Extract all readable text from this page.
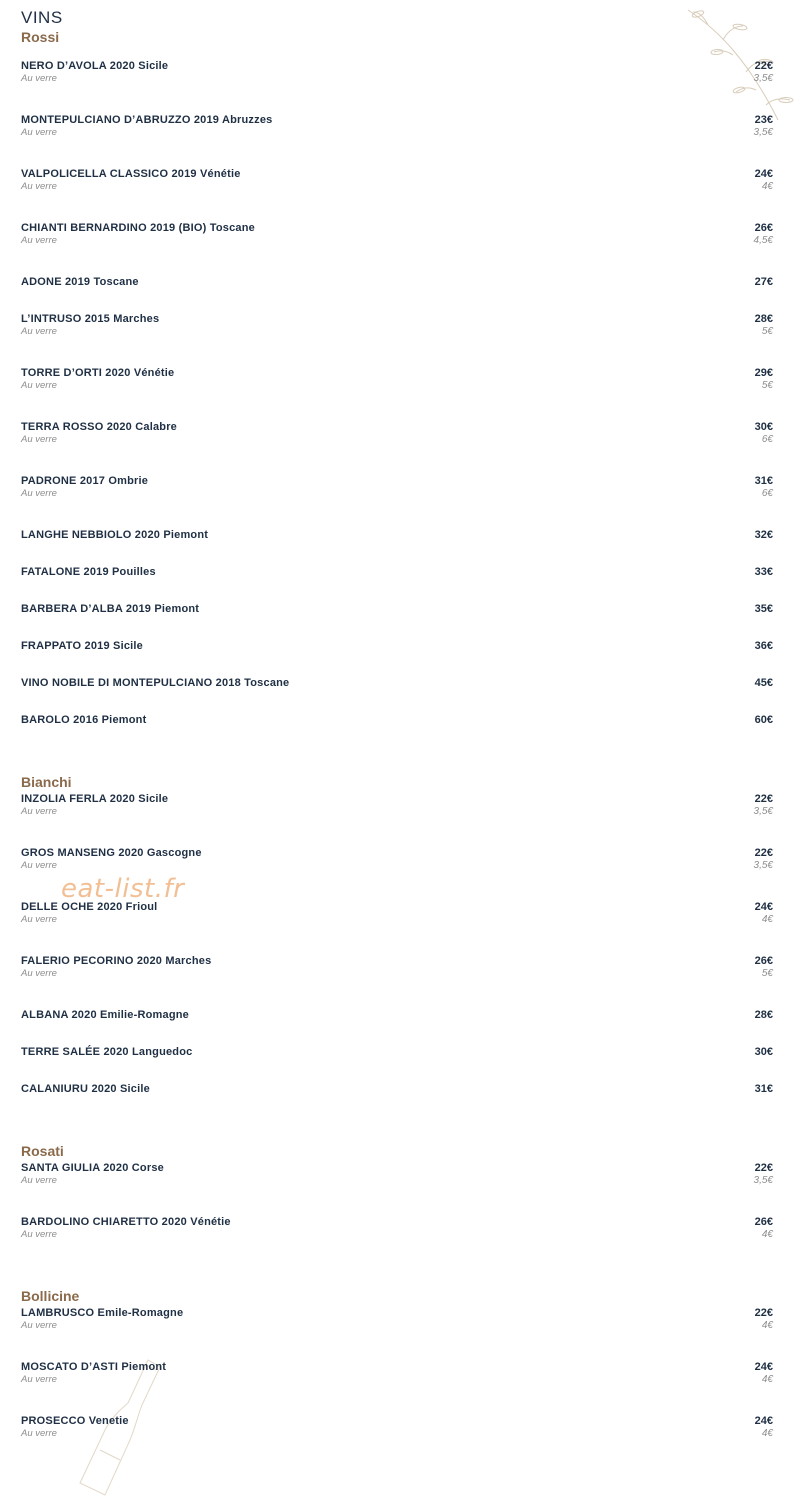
VINS
Rossi
NERO D’AVOLA 2020 Sicile	22€
Au verre	3,5€
MONTEPULCIANO D’ABRUZZO 2019 Abruzzes	23€
Au verre	3,5€
VALPOLICELLA CLASSICO 2019 Vénétie	24€
Au verre	4€
CHIANTI BERNARDINO 2019 (BIO) Toscane	26€
Au verre	4,5€
ADONE 2019 Toscane	27€
L’INTRUSO 2015 Marches	28€
Au verre	5€
TORRE D’ORTI 2020 Vénétie	29€
Au verre	5€
TERRA ROSSO 2020 Calabre	30€
Au verre	6€
PADRONE 2017 Ombrie	31€
Au verre	6€
LANGHE NEBBIOLO 2020 Piemont	32€
FATALONE 2019 Pouilles	33€
BARBERA D’ALBA 2019 Piemont	35€
FRAPPATO 2019 Sicile	36€
VINO NOBILE DI MONTEPULCIANO 2018 Toscane	45€
BAROLO 2016 Piemont	60€
Bianchi
INZOLIA FERLA 2020 Sicile	22€
Au verre	3,5€
GROS MANSENG 2020 Gascogne	22€
Au verre	3,5€
DELLE OCHE 2020 Frioul	24€
Au verre	4€
FALERIO PECORINO 2020 Marches	26€
Au verre	5€
ALBANA 2020 Emilie-Romagne	28€
TERRE SALÉE 2020 Languedoc	30€
CALANIURU 2020 Sicile	31€
Rosati
SANTA GIULIA 2020 Corse	22€
Au verre	3,5€
BARDOLINO CHIARETTO 2020 Vénétie	26€
Au verre	4€
Bollicine
LAMBRUSCO Emile-Romagne	22€
Au verre	4€
MOSCATO D’ASTI Piemont	24€
Au verre	4€
PROSECCO Venetie	24€
Au verre	4€
eat-list.fr
